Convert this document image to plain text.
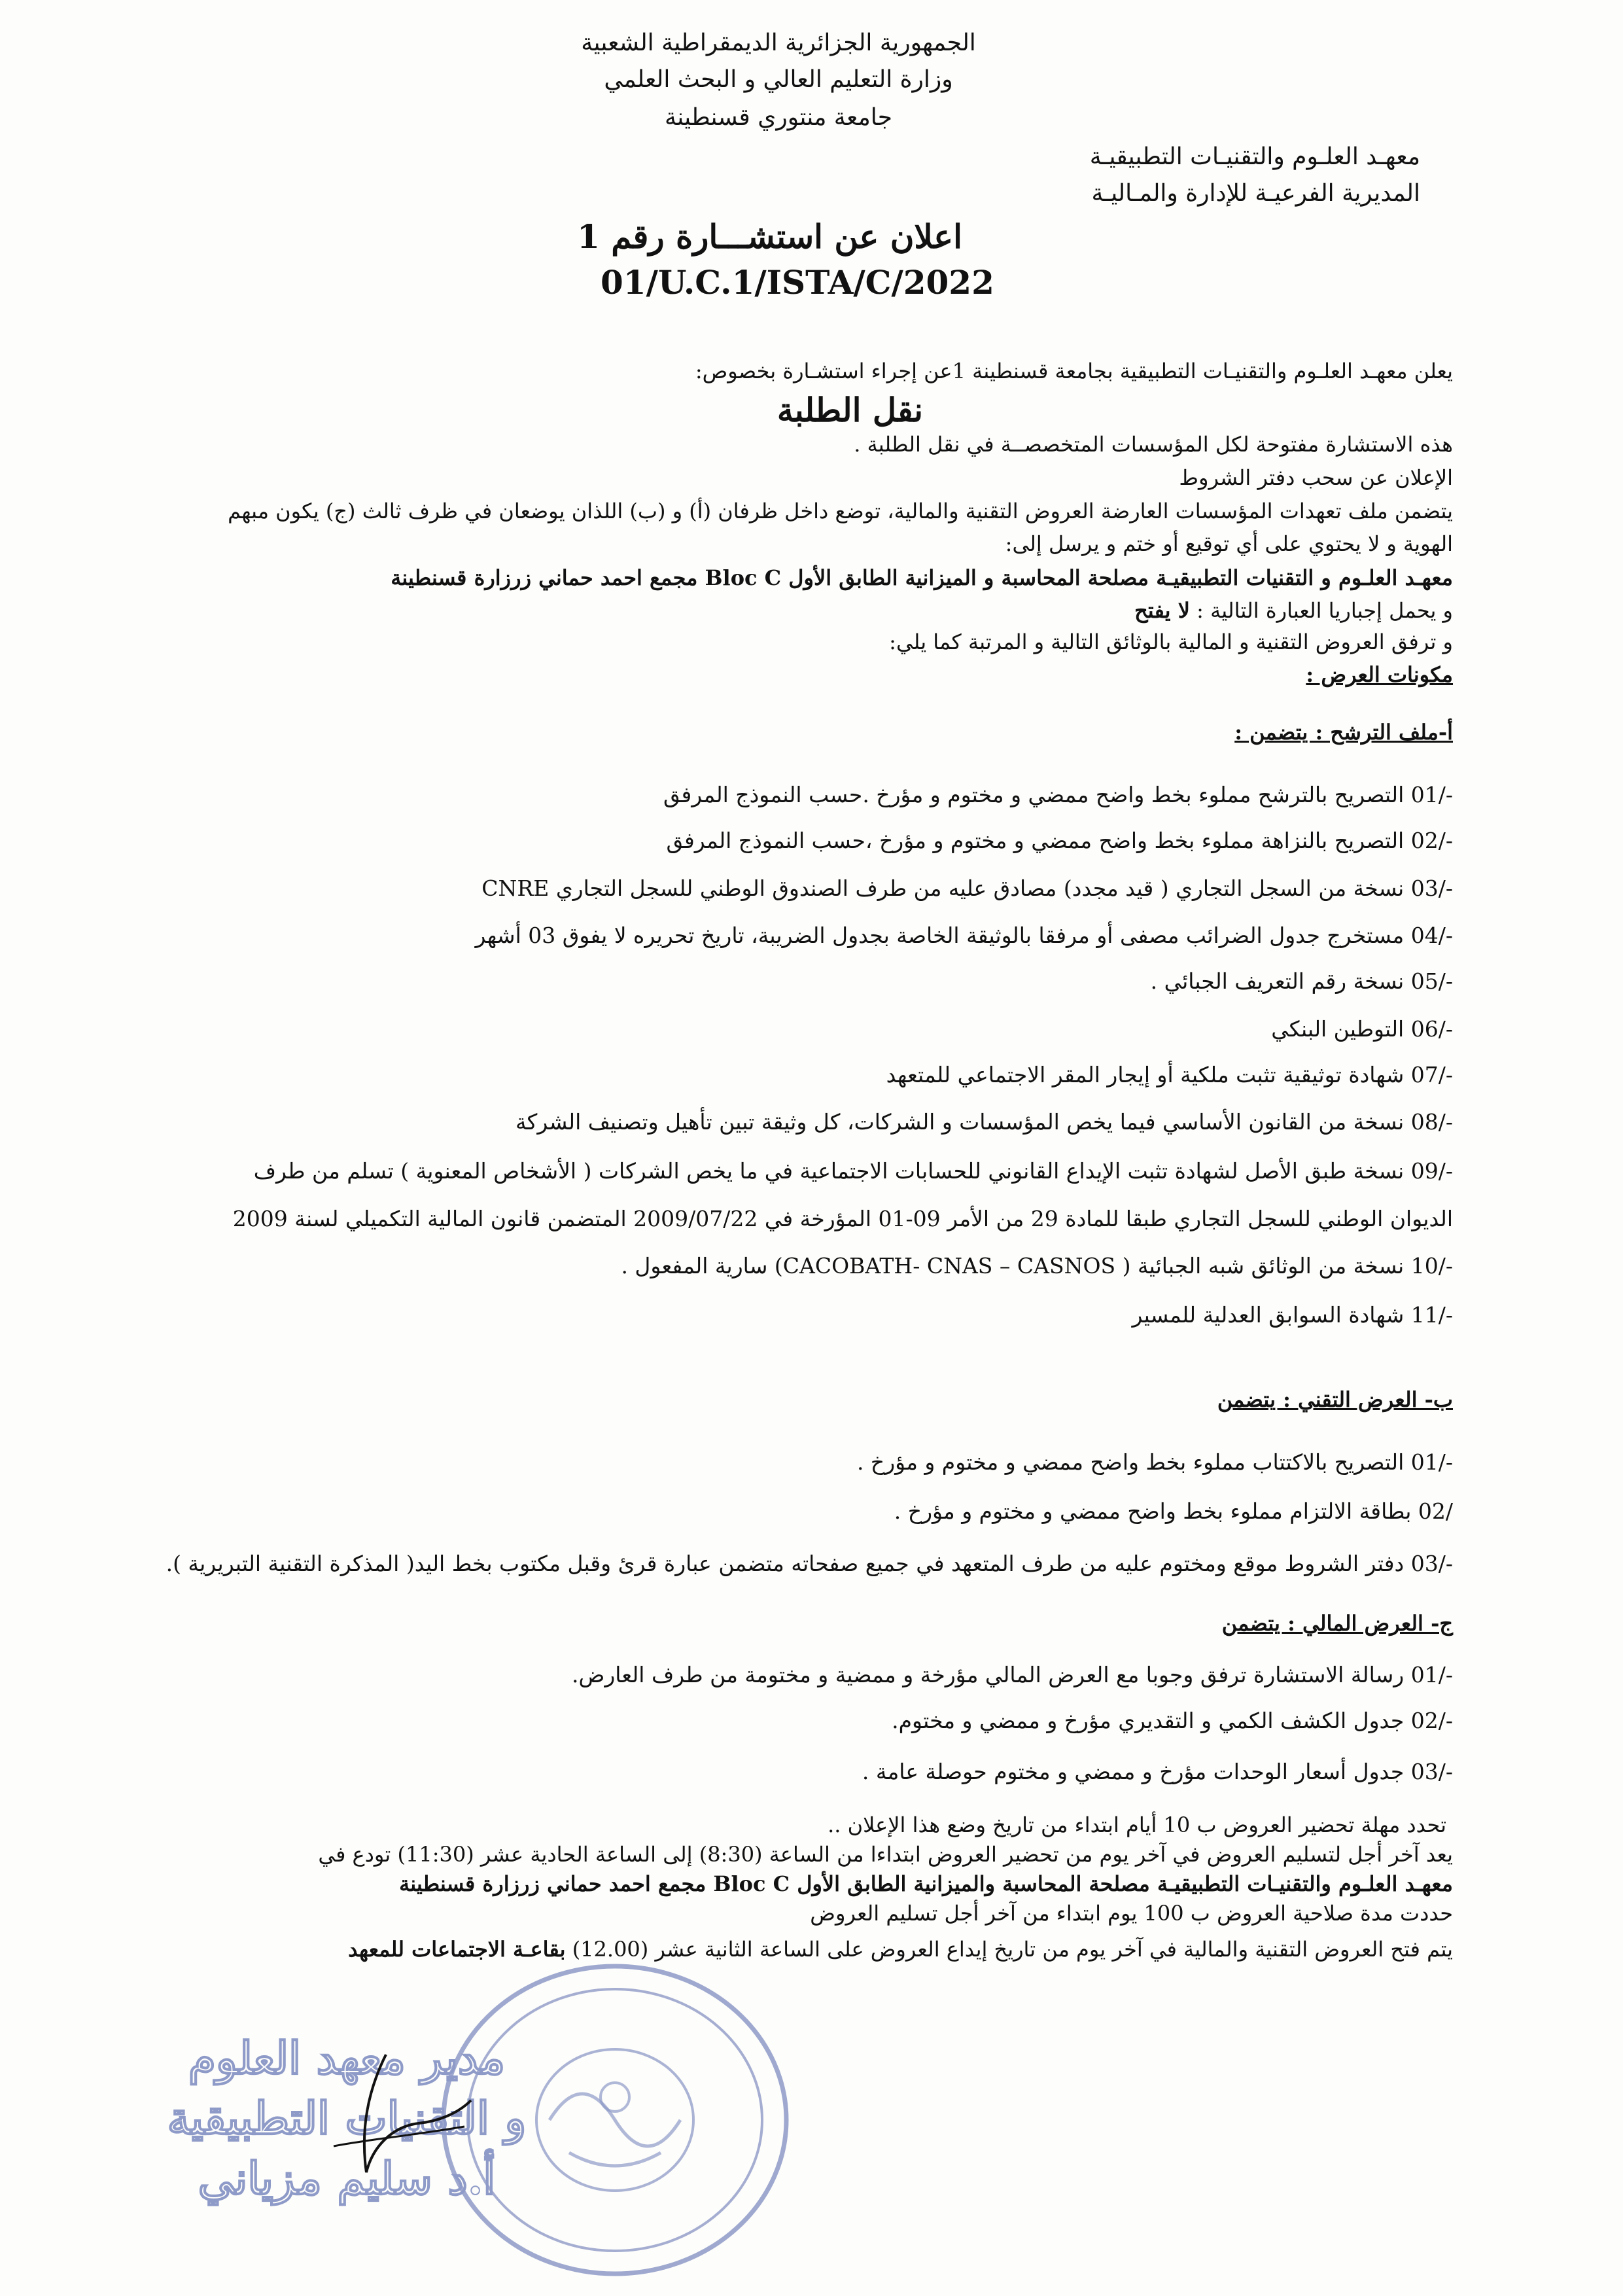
الجمهورية الجزائرية الديمقراطية الشعبية
وزارة التعليم العالي و البحث العلمي
جامعة منتوري قسنطينة
معهـد العلـوم والتقنيـات التطبيقيـة
المديرية الفرعيـة للإدارة والمـاليـة
اعلان عن استشـــارة رقم 1
01/U.C.1/ISTA/C/2022
يعلن معهـد العلـوم والتقنيـات التطبيقية بجامعة قسنطينة 1عن إجراء استشـارة بخصوص:
نقل الطلبة
هذه الاستشارة مفتوحة لكل المؤسسات المتخصصــة في نقل الطلبة .
الإعلان عن سحب دفتر الشروط
يتضمن ملف تعهدات المؤسسات العارضة العروض التقنية والمالية، توضع داخل ظرفان (أ) و (ب) اللذان يوضعان في ظرف ثالث (ج) يكون مبهم
الهوية و لا يحتوي على أي توقيع أو ختم و يرسل إلى:
معهـد العلـوم و التقنيات التطبيقيـة مصلحة المحاسبة و الميزانية الطابق الأول Bloc C مجمع احمد حماني زرزارة قسنطينة
و يحمل إجباريا العبارة التالية : لا يفتح
و ترفق العروض التقنية و المالية بالوثائق التالية و المرتبة كما يلي:
مكونات العرض :
أ-ملف الترشح : يتضمن :
01/- التصريح بالترشح مملوء بخط واضح ممضي و مختوم و مؤرخ .حسب النموذج المرفق
02/- التصريح بالنزاهة مملوء بخط واضح ممضي و مختوم و مؤرخ ،حسب النموذج المرفق
03/- نسخة من السجل التجاري ( قيد مجدد) مصادق عليه من طرف الصندوق الوطني للسجل التجاري CNRE
04/- مستخرج جدول الضرائب مصفى أو مرفقا بالوثيقة الخاصة بجدول الضريبة، تاريخ تحريره لا يفوق 03 أشهر
05/- نسخة رقم التعريف الجبائي .
06/- التوطين البنكي
07/- شهادة توثيقية تثبت ملكية أو إيجار المقر الاجتماعي للمتعهد
08/- نسخة من القانون الأساسي فيما يخص المؤسسات و الشركات، كل وثيقة تبين تأهيل وتصنيف الشركة
09/- نسخة طبق الأصل لشهادة تثبت الإيداع القانوني للحسابات الاجتماعية في ما يخص الشركات ( الأشخاص المعنوية ) تسلم من طرف
الديوان الوطني للسجل التجاري طبقا للمادة 29 من الأمر 09-01 المؤرخة في 2009/07/22 المتضمن قانون المالية التكميلي لسنة 2009
10/- نسخة من الوثائق شبه الجبائية ( CACOBATH- CNAS – CASNOS) سارية المفعول .
11/- شهادة السوابق العدلية للمسير
ب- العرض التقني : يتضمن
01/- التصريح بالاكتتاب مملوء بخط واضح ممضي و مختوم و مؤرخ .
02/ بطاقة الالتزام مملوء بخط واضح ممضي و مختوم و مؤرخ .
03/- دفتر الشروط موقع ومختوم عليه من طرف المتعهد في جميع صفحاته متضمن عبارة قرئ وقبل مكتوب بخط اليد( المذكرة التقنية التبريرية ).
ج- العرض المالي : يتضمن
01/- رسالة الاستشارة ترفق وجوبا مع العرض المالي مؤرخة و ممضية و مختومة من طرف العارض.
02/- جدول الكشف الكمي و التقديري مؤرخ و ممضي و مختوم.
03/- جدول أسعار الوحدات مؤرخ و ممضي و مختوم حوصلة عامة .
تحدد مهلة تحضير العروض ب 10 أيام ابتداء من تاريخ وضع هذا الإعلان ..
يعد آخر أجل لتسليم العروض في آخر يوم من تحضير العروض ابتداءا من الساعة (8:30) إلى الساعة الحادية عشر (11:30) تودع في
معهـد العلـوم والتقنيـات التطبيقيـة مصلحة المحاسبة والميزانية الطابق الأول Bloc C مجمع احمد حماني زرزارة قسنطينة
حددت مدة صلاحية العروض ب 100 يوم ابتداء من آخر أجل تسليم العروض
يتم فتح العروض التقنية والمالية في آخر يوم من تاريخ إيداع العروض على الساعة الثانية عشر (12.00) بقاعـة الاجتماعات للمعهد
مدير معهد العلوم
و التقنيات التطبيقية
أ.د سليم مزياني
